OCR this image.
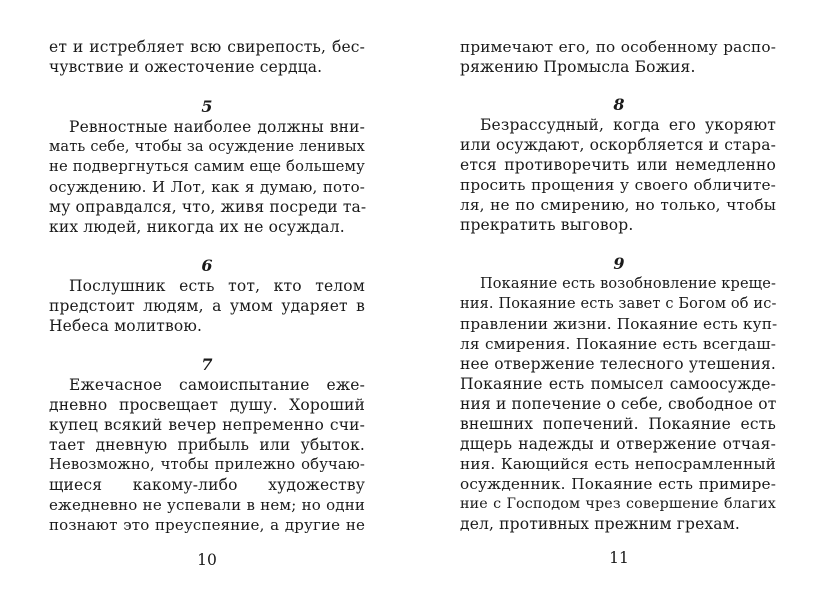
ет и истребляет всю свирепость, бес-
чувствие и ожесточение сердца.
5
Ревностные наиболее должны вни-
мать себе, чтобы за осуждение ленивых
не подвергнуться самим еще большему
осуждению. И Лот, как я думаю, пото-
му оправдался, что, живя посреди та-
ких людей, никогда их не осуждал.
6
Послушник есть тот, кто телом
предстоит людям, а умом ударяет в
Небеса молитвою.
7
Ежечасное самоиспытание еже-
дневно просвещает душу. Хороший
купец всякий вечер непременно счи-
тает дневную прибыль или убыток.
Невозможно, чтобы прилежно обучаю-
щиеся какому-либо художеству
ежедневно не успевали в нем; но одни
познают это преуспеяние, а другие не
10
примечают его, по особенному распо-
ряжению Промысла Божия.
8
Безрассудный, когда его укоряют
или осуждают, оскорбляется и стара-
ется противоречить или немедленно
просить прощения у своего обличите-
ля, не по смирению, но только, чтобы
прекратить выговор.
9
Покаяние есть возобновление креще-
ния. Покаяние есть завет с Богом об ис-
правлении жизни. Покаяние есть куп-
ля смирения. Покаяние есть всегдаш-
нее отвержение телесного утешения.
Покаяние есть помысел самоосужде-
ния и попечение о себе, свободное от
внешних попечений. Покаяние есть
дщерь надежды и отвержение отчая-
ния. Кающийся есть непосрамленный
осужденник. Покаяние есть примире-
ние с Господом чрез совершение благих
дел, противных прежним грехам.
11
